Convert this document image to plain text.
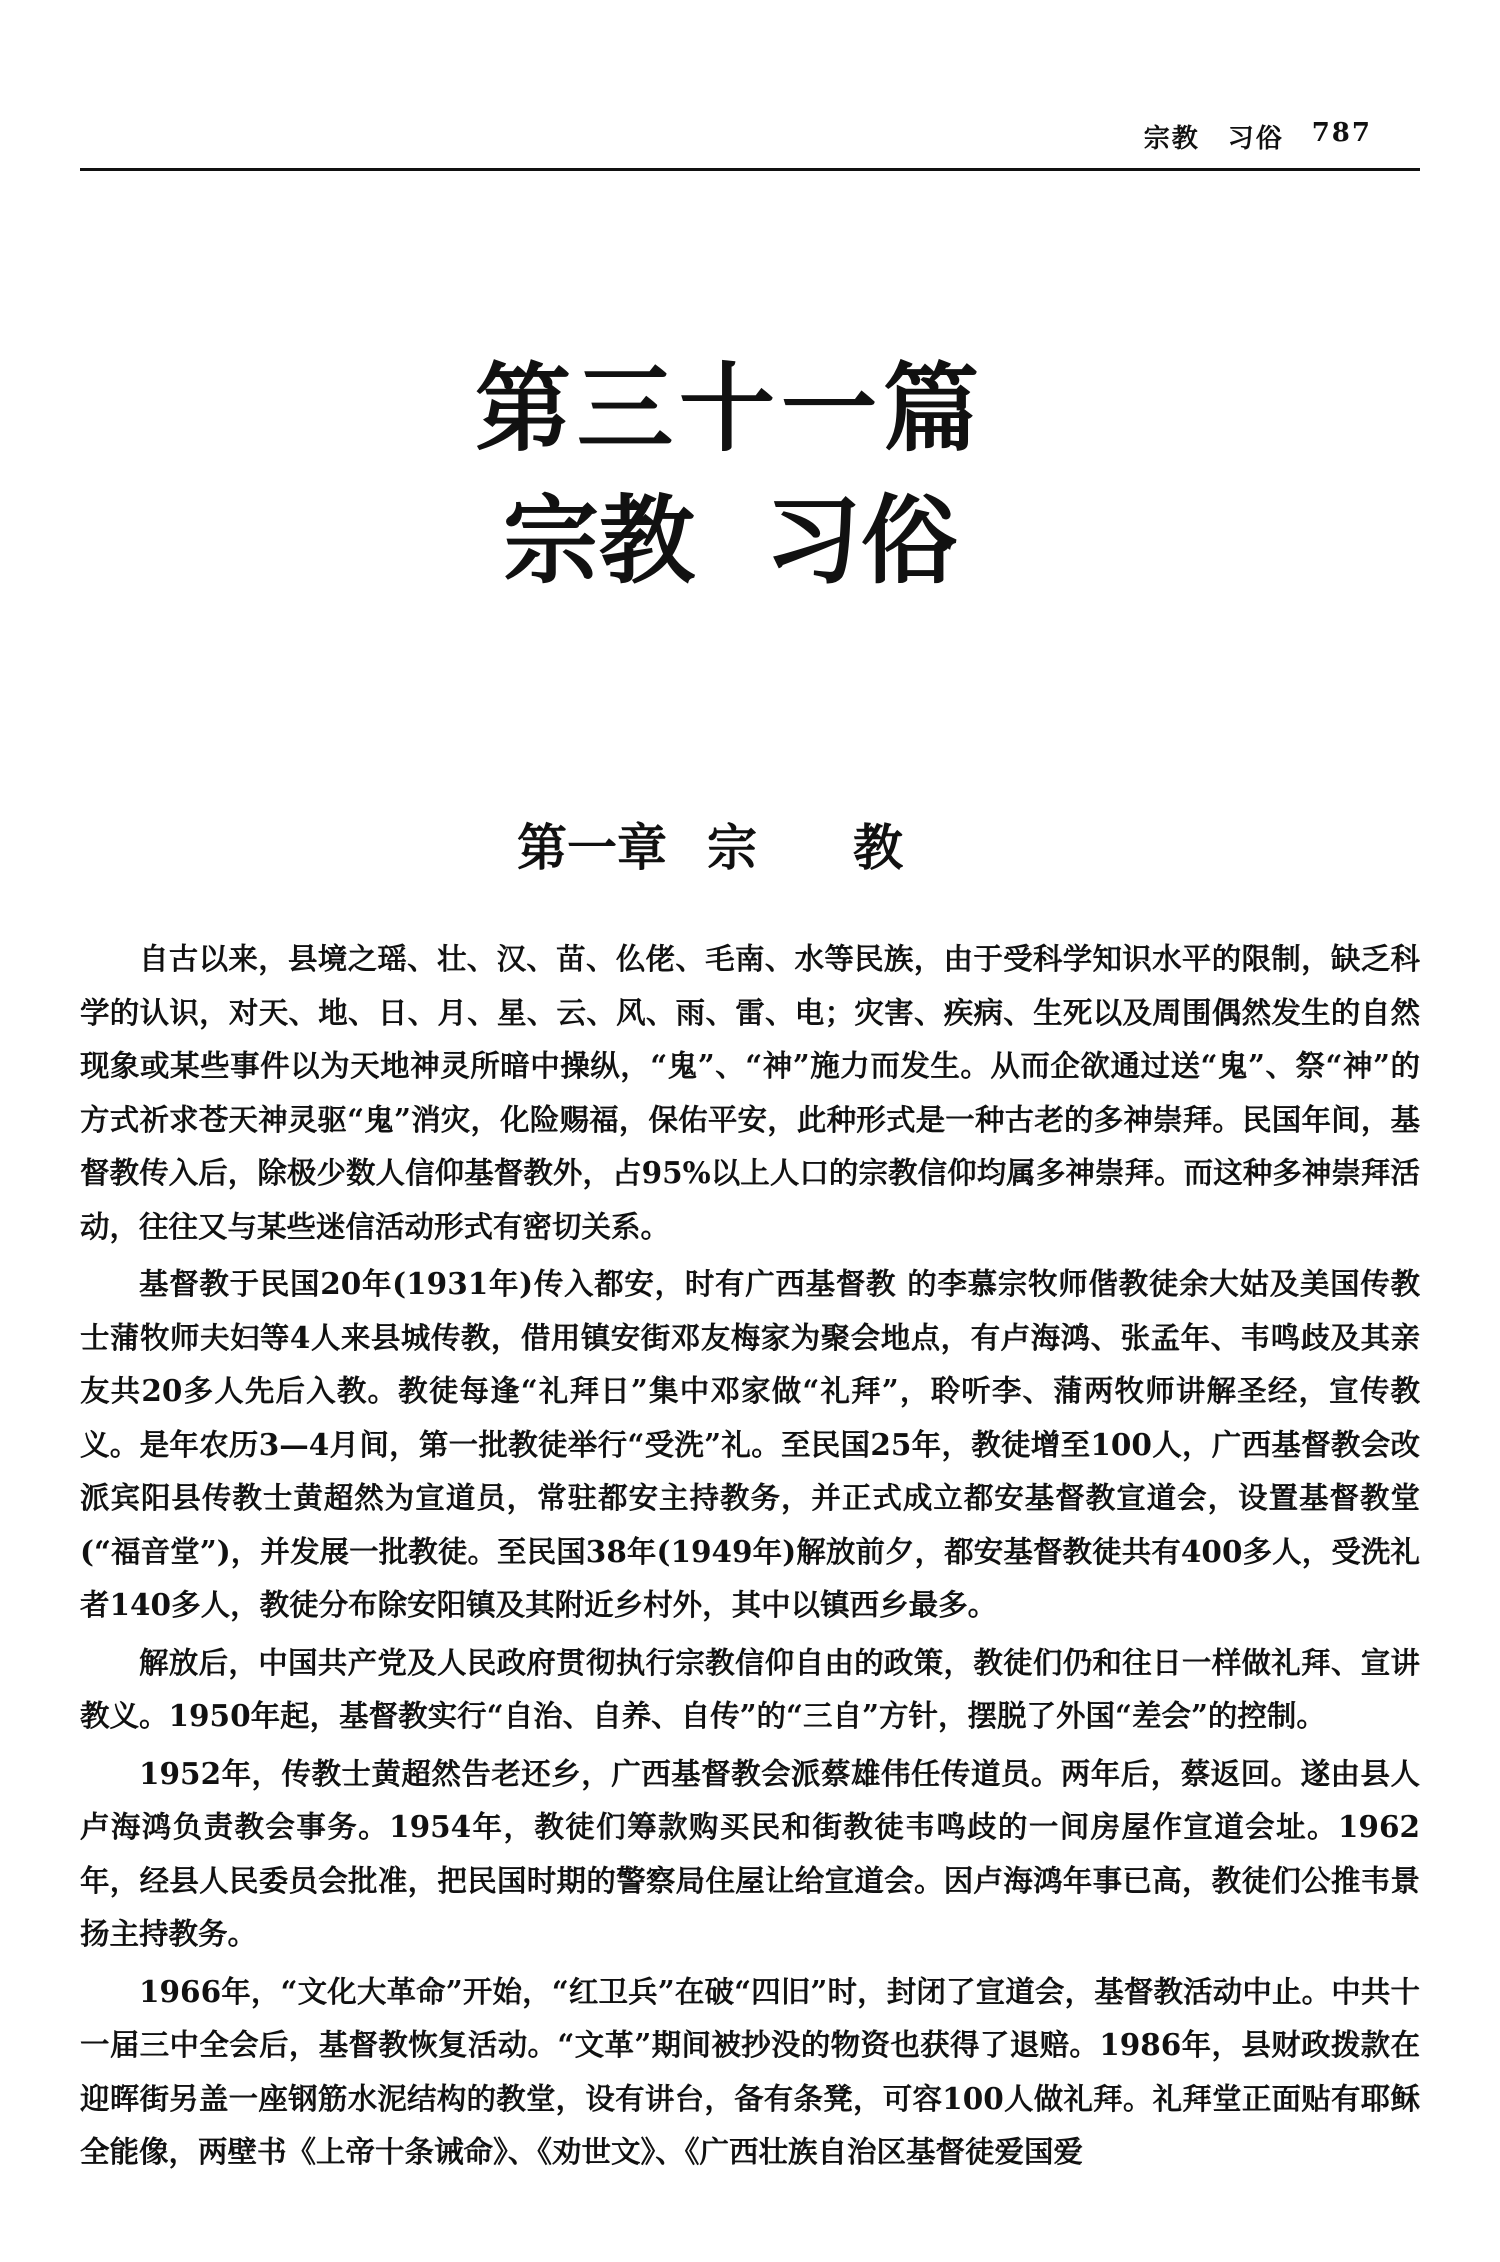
宗教 习俗 787
第三十一篇
宗教 习俗
第一章 宗 教

自古以来，县境之瑶、壮、汉、苗、仫佬、毛南、水等民族，由于受科学知识水平的限制，缺乏科学的认识，对天、地、日、月、星、云、风、雨、雷、电；灾害、疾病、生死以及周围偶然发生的自然现象或某些事件以为天地神灵所暗中操纵，“鬼”、“神”施力而发生。从而企欲通过送“鬼”、祭“神”的方式祈求苍天神灵驱“鬼”消灾，化险赐福，保佑平安，此种形式是一种古老的多神崇拜。民国年间，基督教传入后，除极少数人信仰基督教外，占95%以上人口的宗教信仰均属多神崇拜。而这种多神崇拜活动，往往又与某些迷信活动形式有密切关系。

基督教于民国20年(1931年)传入都安，时有广西基督教 的李慕宗牧师偕教徒余大姑及美国传教士蒲牧师夫妇等4人来县城传教，借用镇安街邓友梅家为聚会地点，有卢海鸿、张孟年、韦鸣歧及其亲友共20多人先后入教。教徒每逢“礼拜日”集中邓家做“礼拜”，聆听李、蒲两牧师讲解圣经，宣传教义。是年农历3—4月间，第一批教徒举行“受洗”礼。至民国25年，教徒增至100人，广西基督教会改派宾阳县传教士黄超然为宣道员，常驻都安主持教务，并正式成立都安基督教宣道会，设置基督教堂(“福音堂”)，并发展一批教徒。至民国38年(1949年)解放前夕，都安基督教徒共有400多人，受洗礼者140多人，教徒分布除安阳镇及其附近乡村外，其中以镇西乡最多。

解放后，中国共产党及人民政府贯彻执行宗教信仰自由的政策，教徒们仍和往日一样做礼拜、宣讲教义。1950年起，基督教实行“自治、自养、自传”的“三自”方针，摆脱了外国“差会”的控制。

1952年，传教士黄超然告老还乡，广西基督教会派蔡雄伟任传道员。两年后，蔡返回。遂由县人卢海鸿负责教会事务。1954年，教徒们筹款购买民和街教徒韦鸣歧的一间房屋作宣道会址。1962年，经县人民委员会批准，把民国时期的警察局住屋让给宣道会。因卢海鸿年事已高，教徒们公推韦景扬主持教务。

1966年，“文化大革命”开始，“红卫兵”在破“四旧”时，封闭了宣道会，基督教活动中止。中共十一届三中全会后，基督教恢复活动。“文革”期间被抄没的物资也获得了退赔。1986年，县财政拨款在迎晖街另盖一座钢筋水泥结构的教堂，设有讲台，备有条凳，可容100人做礼拜。礼拜堂正面贴有耶稣全能像，两壁书《上帝十条诫命》、《劝世文》、《广西壮族自治区基督徒爱国爱
